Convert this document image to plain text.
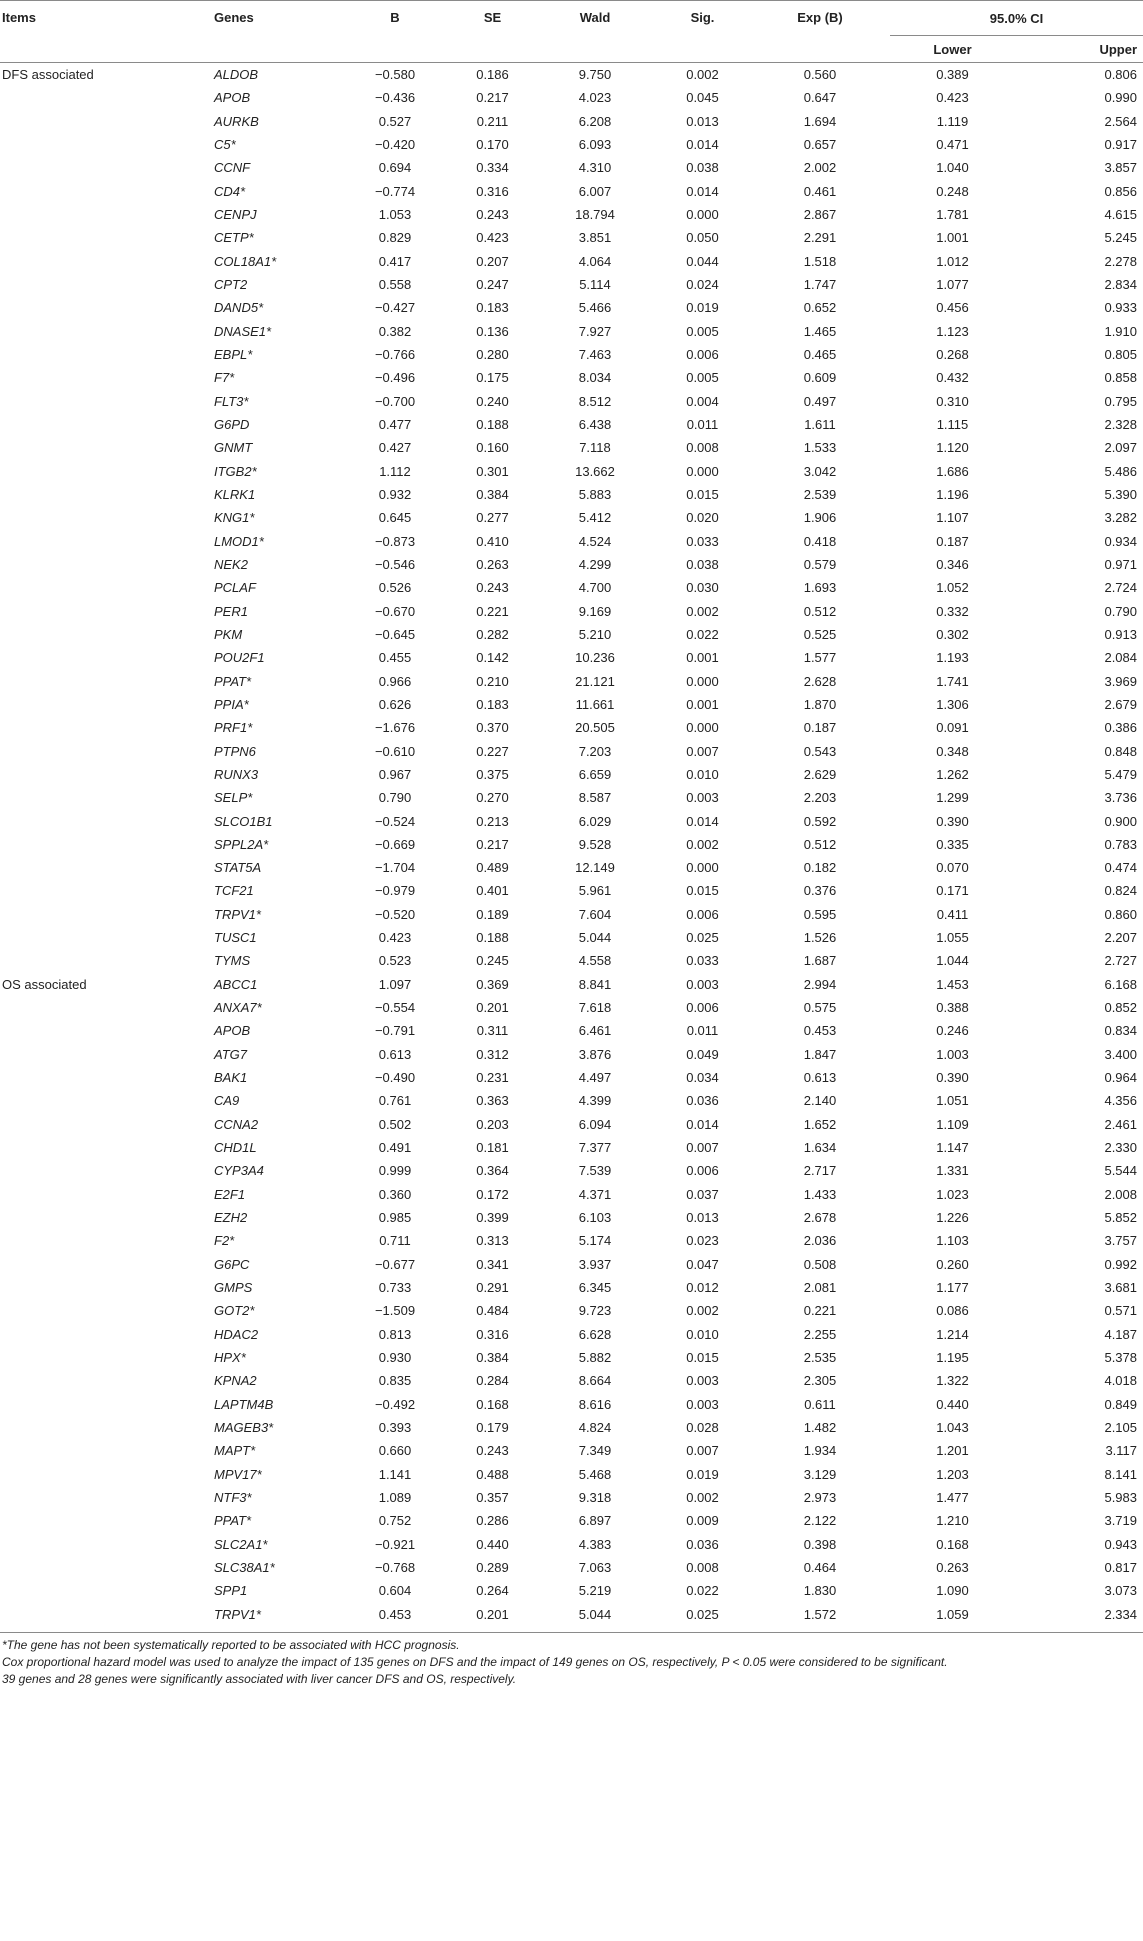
Items	Genes	B	SE	Wald	Sig.	Exp (B)	95.0% CI	
							Lower	Upper
DFS associated	ALDOB	−0.580	0.186	9.750	0.002	0.560	0.389	0.806
	APOB	−0.436	0.217	4.023	0.045	0.647	0.423	0.990
	AURKB	0.527	0.211	6.208	0.013	1.694	1.119	2.564
	C5*	−0.420	0.170	6.093	0.014	0.657	0.471	0.917
	CCNF	0.694	0.334	4.310	0.038	2.002	1.040	3.857
	CD4*	−0.774	0.316	6.007	0.014	0.461	0.248	0.856
	CENPJ	1.053	0.243	18.794	0.000	2.867	1.781	4.615
	CETP*	0.829	0.423	3.851	0.050	2.291	1.001	5.245
	COL18A1*	0.417	0.207	4.064	0.044	1.518	1.012	2.278
	CPT2	0.558	0.247	5.114	0.024	1.747	1.077	2.834
	DAND5*	−0.427	0.183	5.466	0.019	0.652	0.456	0.933
	DNASE1*	0.382	0.136	7.927	0.005	1.465	1.123	1.910
	EBPL*	−0.766	0.280	7.463	0.006	0.465	0.268	0.805
	F7*	−0.496	0.175	8.034	0.005	0.609	0.432	0.858
	FLT3*	−0.700	0.240	8.512	0.004	0.497	0.310	0.795
	G6PD	0.477	0.188	6.438	0.011	1.611	1.115	2.328
	GNMT	0.427	0.160	7.118	0.008	1.533	1.120	2.097
	ITGB2*	1.112	0.301	13.662	0.000	3.042	1.686	5.486
	KLRK1	0.932	0.384	5.883	0.015	2.539	1.196	5.390
	KNG1*	0.645	0.277	5.412	0.020	1.906	1.107	3.282
	LMOD1*	−0.873	0.410	4.524	0.033	0.418	0.187	0.934
	NEK2	−0.546	0.263	4.299	0.038	0.579	0.346	0.971
	PCLAF	0.526	0.243	4.700	0.030	1.693	1.052	2.724
	PER1	−0.670	0.221	9.169	0.002	0.512	0.332	0.790
	PKM	−0.645	0.282	5.210	0.022	0.525	0.302	0.913
	POU2F1	0.455	0.142	10.236	0.001	1.577	1.193	2.084
	PPAT*	0.966	0.210	21.121	0.000	2.628	1.741	3.969
	PPIA*	0.626	0.183	11.661	0.001	1.870	1.306	2.679
	PRF1*	−1.676	0.370	20.505	0.000	0.187	0.091	0.386
	PTPN6	−0.610	0.227	7.203	0.007	0.543	0.348	0.848
	RUNX3	0.967	0.375	6.659	0.010	2.629	1.262	5.479
	SELP*	0.790	0.270	8.587	0.003	2.203	1.299	3.736
	SLCO1B1	−0.524	0.213	6.029	0.014	0.592	0.390	0.900
	SPPL2A*	−0.669	0.217	9.528	0.002	0.512	0.335	0.783
	STAT5A	−1.704	0.489	12.149	0.000	0.182	0.070	0.474
	TCF21	−0.979	0.401	5.961	0.015	0.376	0.171	0.824
	TRPV1*	−0.520	0.189	7.604	0.006	0.595	0.411	0.860
	TUSC1	0.423	0.188	5.044	0.025	1.526	1.055	2.207
	TYMS	0.523	0.245	4.558	0.033	1.687	1.044	2.727
OS associated	ABCC1	1.097	0.369	8.841	0.003	2.994	1.453	6.168
	ANXA7*	−0.554	0.201	7.618	0.006	0.575	0.388	0.852
	APOB	−0.791	0.311	6.461	0.011	0.453	0.246	0.834
	ATG7	0.613	0.312	3.876	0.049	1.847	1.003	3.400
	BAK1	−0.490	0.231	4.497	0.034	0.613	0.390	0.964
	CA9	0.761	0.363	4.399	0.036	2.140	1.051	4.356
	CCNA2	0.502	0.203	6.094	0.014	1.652	1.109	2.461
	CHD1L	0.491	0.181	7.377	0.007	1.634	1.147	2.330
	CYP3A4	0.999	0.364	7.539	0.006	2.717	1.331	5.544
	E2F1	0.360	0.172	4.371	0.037	1.433	1.023	2.008
	EZH2	0.985	0.399	6.103	0.013	2.678	1.226	5.852
	F2*	0.711	0.313	5.174	0.023	2.036	1.103	3.757
	G6PC	−0.677	0.341	3.937	0.047	0.508	0.260	0.992
	GMPS	0.733	0.291	6.345	0.012	2.081	1.177	3.681
	GOT2*	−1.509	0.484	9.723	0.002	0.221	0.086	0.571
	HDAC2	0.813	0.316	6.628	0.010	2.255	1.214	4.187
	HPX*	0.930	0.384	5.882	0.015	2.535	1.195	5.378
	KPNA2	0.835	0.284	8.664	0.003	2.305	1.322	4.018
	LAPTM4B	−0.492	0.168	8.616	0.003	0.611	0.440	0.849
	MAGEB3*	0.393	0.179	4.824	0.028	1.482	1.043	2.105
	MAPT*	0.660	0.243	7.349	0.007	1.934	1.201	3.117
	MPV17*	1.141	0.488	5.468	0.019	3.129	1.203	8.141
	NTF3*	1.089	0.357	9.318	0.002	2.973	1.477	5.983
	PPAT*	0.752	0.286	6.897	0.009	2.122	1.210	3.719
	SLC2A1*	−0.921	0.440	4.383	0.036	0.398	0.168	0.943
	SLC38A1*	−0.768	0.289	7.063	0.008	0.464	0.263	0.817
	SPP1	0.604	0.264	5.219	0.022	1.830	1.090	3.073
	TRPV1*	0.453	0.201	5.044	0.025	1.572	1.059	2.334
*The gene has not been systematically reported to be associated with HCC prognosis.
Cox proportional hazard model was used to analyze the impact of 135 genes on DFS and the impact of 149 genes on OS, respectively, P < 0.05 were considered to be significant.
39 genes and 28 genes were significantly associated with liver cancer DFS and OS, respectively.
